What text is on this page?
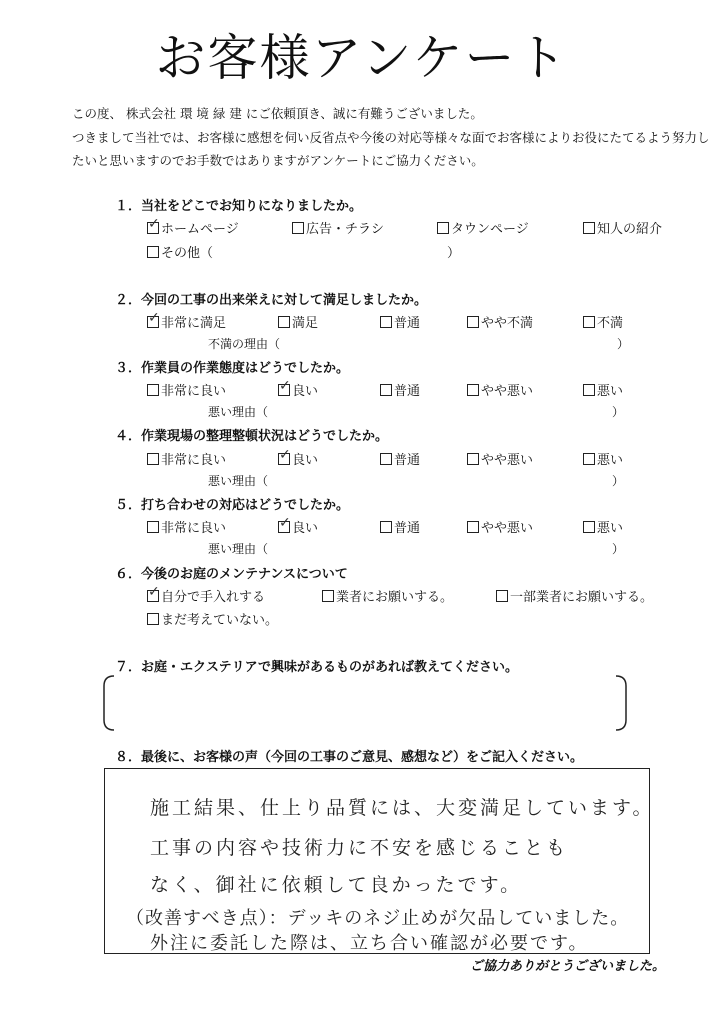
お客様アンケート
この度、 株式会社 環 境 緑 建 にご依頼頂き、誠に有難うございました。
つきまして当社では、お客様に感想を伺い反省点や今後の対応等様々な面でお客様によりお役にたてるよう努力し
たいと思いますのでお手数ではありますがアンケートにご協力ください。
１．当社をどこでお知りになりましたか。
✓ ホームページ	広告・チラシ	タウンページ	知人の紹介
その他（	）
２．今回の工事の出来栄えに対して満足しましたか。
✓ 非常に満足	満足	普通	やや不満	不満
不満の理由（	）
３．作業員の作業態度はどうでしたか。
非常に良い	✓ 良い	普通	やや悪い	悪い
悪い理由（	）
４．作業現場の整理整頓状況はどうでしたか。
非常に良い	✓ 良い	普通	やや悪い	悪い
悪い理由（	）
５．打ち合わせの対応はどうでしたか。
非常に良い	✓ 良い	普通	やや悪い	悪い
悪い理由（	）
６．今後のお庭のメンテナンスについて
✓ 自分で手入れする	業者にお願いする。	一部業者にお願いする。
まだ考えていない。
７．お庭・エクステリアで興味があるものがあれば教えてください。
８．最後に、お客様の声（今回の工事のご意見、感想など）をご記入ください。
施工結果、仕上り品質には、大変満足しています。
工事の内容や技術力に不安を感じることも
なく、御社に依頼して良かったです。
（改善すべき点）：デッキのネジ止めが欠品していました。
外注に委託した際は、立ち合い確認が必要です。
ご協力ありがとうございました。
